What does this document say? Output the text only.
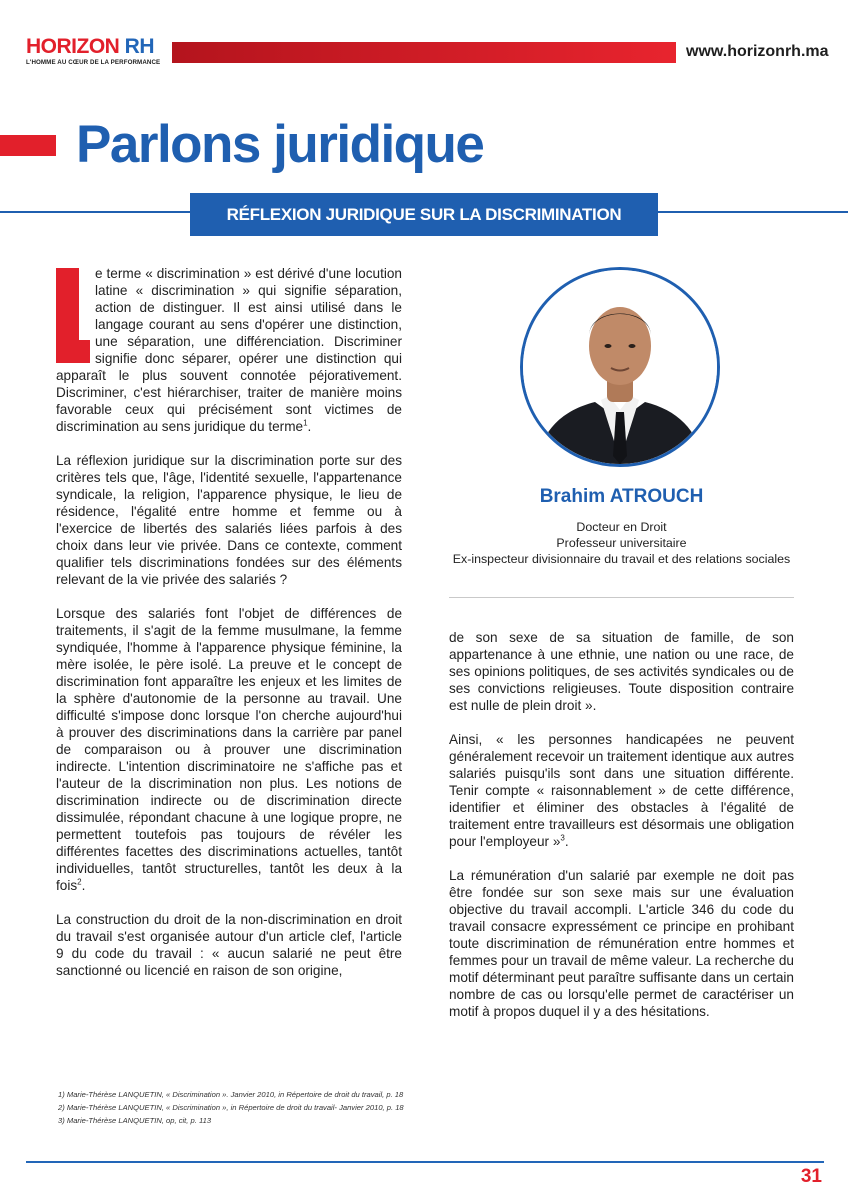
HORIZON RH
L'HOMME AU CŒUR DE LA PERFORMANCE
www.horizonrh.ma
Parlons juridique
RÉFLEXION JURIDIQUE SUR LA DISCRIMINATION

e terme « discrimination » est dérivé d'une locution latine « discrimination » qui signifie séparation, action de distinguer. Il est ainsi utilisé dans le langage courant au sens d'opérer une distinction, une séparation, une différenciation. Discriminer signifie donc séparer, opérer une distinction qui apparaît le plus souvent connotée péjorativement. Discriminer, c'est hiérarchiser, traiter de manière moins favorable ceux qui précisément sont victimes de discrimination au sens juridique du terme$^1$.

La réflexion juridique sur la discrimination porte sur des critères tels que, l'âge, l'identité sexuelle, l'appartenance syndicale, la religion, l'apparence physique, le lieu de résidence, l'égalité entre homme et femme ou à l'exercice de libertés des salariés liées parfois à des choix dans leur vie privée. Dans ce contexte, comment qualifier tels discriminations fondées sur des éléments relevant de la vie privée des salariés ?

Lorsque des salariés font l'objet de différences de traitements, il s'agit de la femme musulmane, la femme syndiquée, l'homme à l'apparence physique féminine, la mère isolée, le père isolé. La preuve et le concept de discrimination font apparaître les enjeux et les limites de la sphère d'autonomie de la personne au travail. Une difficulté s'impose donc lorsque l'on cherche aujourd'hui à prouver des discriminations dans la carrière par panel de comparaison ou à prouver une discrimination indirecte. L'intention discriminatoire ne s'affiche pas et l'auteur de la discrimination non plus. Les notions de discrimination indirecte ou de discrimination directe dissimulée, répondant chacune à une logique propre, ne permettent toutefois pas toujours de révéler les différentes facettes des discriminations actuelles, tantôt individuelles, tantôt structurelles, tantôt les deux à la fois$^2$.

La construction du droit de la non-discrimination en droit du travail s'est organisée autour d'un article clef, l'article 9 du code du travail : « aucun salarié ne peut être sanctionné ou licencié en raison de son origine,

Brahim ATROUCH
Docteur en Droit
Professeur universitaire
Ex-inspecteur divisionnaire du travail et des relations sociales

de son sexe de sa situation de famille, de son appartenance à une ethnie, une nation ou une race, de ses opinions politiques, de ses activités syndicales ou de ses convictions religieuses. Toute disposition contraire est nulle de plein droit ».

Ainsi, « les personnes handicapées ne peuvent généralement recevoir un traitement identique aux autres salariés puisqu'ils sont dans une situation différente. Tenir compte « raisonnablement » de cette différence, identifier et éliminer des obstacles à l'égalité de traitement entre travailleurs est désormais une obligation pour l'employeur »$^3$.

La rémunération d'un salarié par exemple ne doit pas être fondée sur son sexe mais sur une évaluation objective du travail accompli. L'article 346 du code du travail consacre expressément ce principe en prohibant toute discrimination de rémunération entre hommes et femmes pour un travail de même valeur. La recherche du motif déterminant peut paraître suffisante dans un certain nombre de cas ou lorsqu'elle permet de caractériser un motif à propos duquel il y a des hésitations.

1) Marie-Thérèse LANQUETIN, « Discrimination ». Janvier 2010, in Répertoire de droit du travail, p. 18
2) Marie-Thérèse LANQUETIN, « Discrimination », in Répertoire de droit du travail- Janvier 2010, p. 18
3) Marie-Thérèse LANQUETIN, op, cit, p. 113
31
